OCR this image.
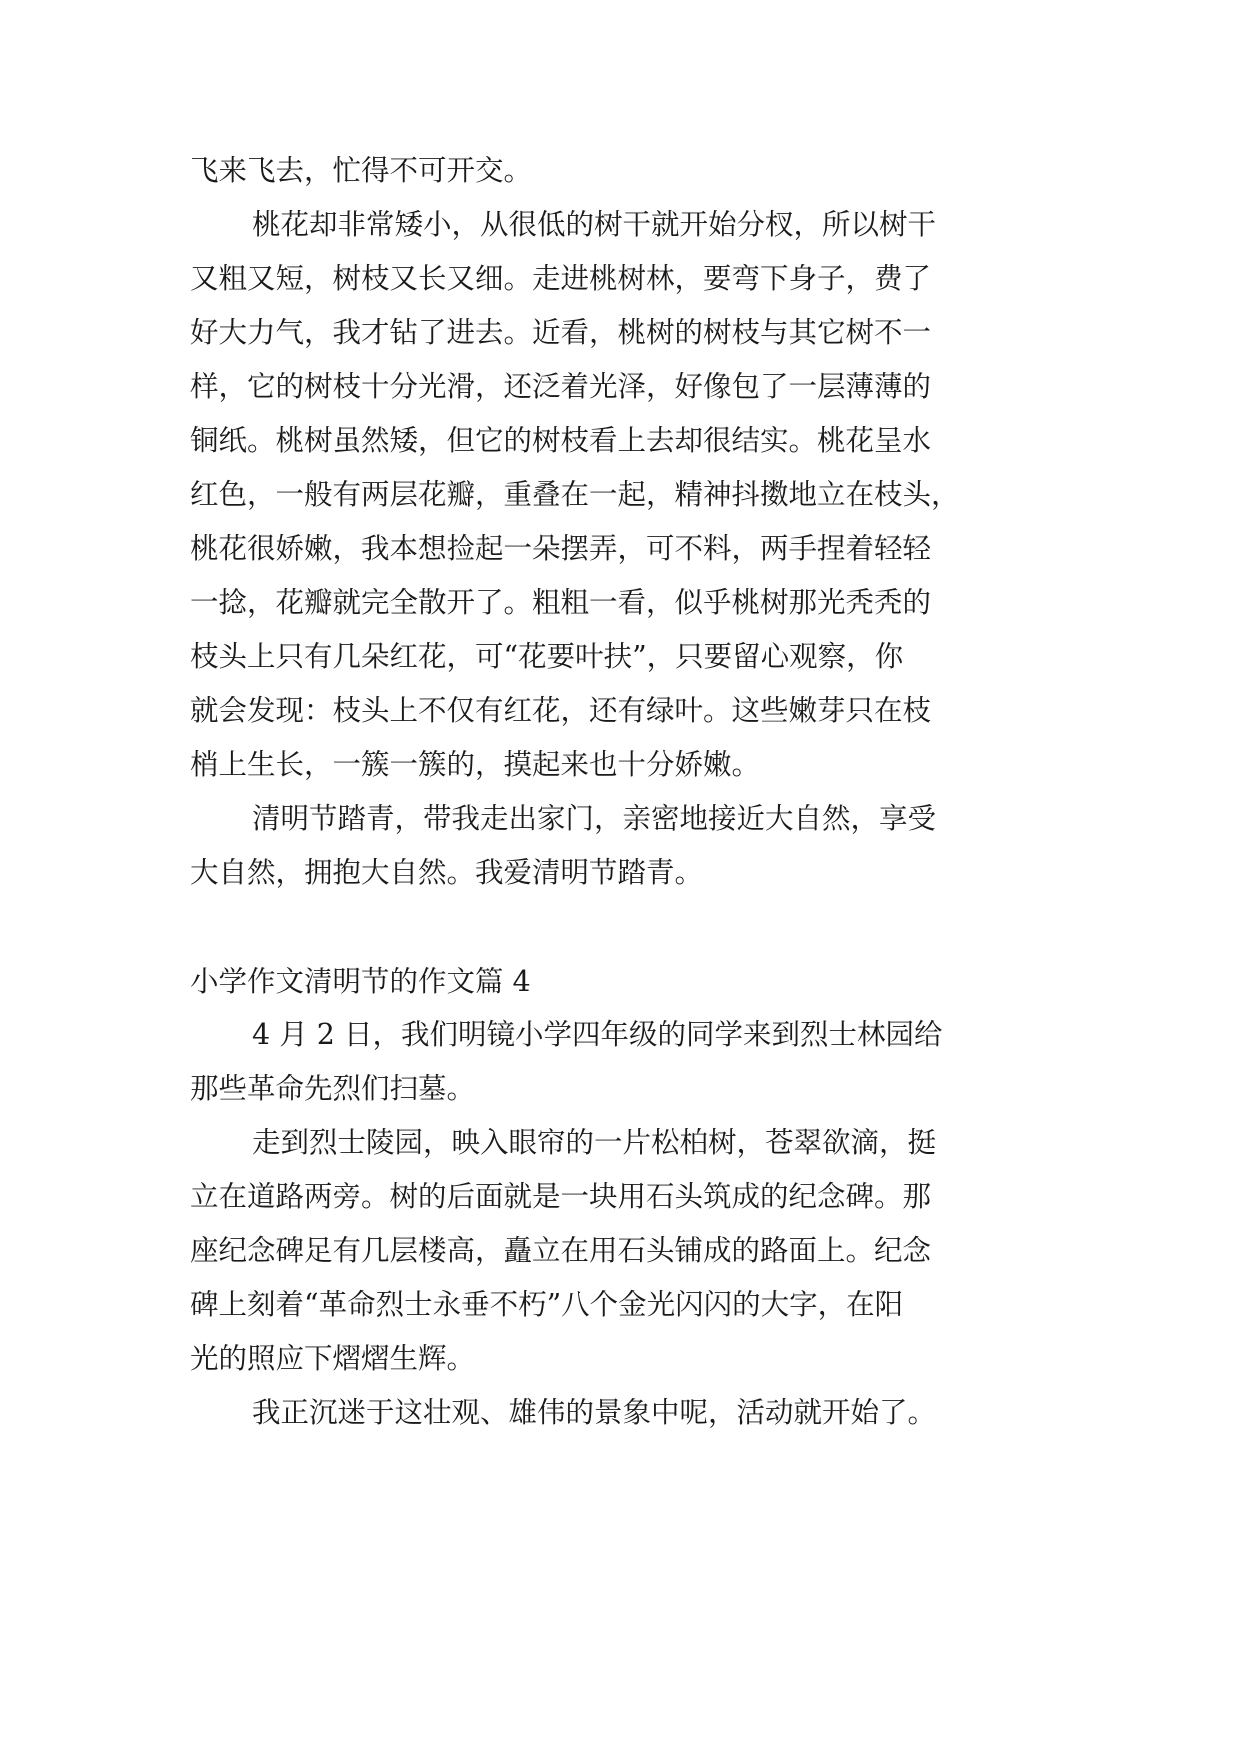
飞来飞去，忙得不可开交。
桃花却非常矮小，从很低的树干就开始分杈，所以树干
又粗又短，树枝又长又细。走进桃树林，要弯下身子，费了
好大力气，我才钻了进去。近看，桃树的树枝与其它树不一
样，它的树枝十分光滑，还泛着光泽，好像包了一层薄薄的
铜纸。桃树虽然矮，但它的树枝看上去却很结实。桃花呈水
红色，一般有两层花瓣，重叠在一起，精神抖擞地立在枝头，
桃花很娇嫩，我本想捡起一朵摆弄，可不料，两手捏着轻轻
一捻，花瓣就完全散开了。粗粗一看，似乎桃树那光秃秃的
枝头上只有几朵红花，可“花要叶扶”，只要留心观察，你
就会发现：枝头上不仅有红花，还有绿叶。这些嫩芽只在枝
梢上生长，一簇一簇的，摸起来也十分娇嫩。
清明节踏青，带我走出家门，亲密地接近大自然，享受
大自然，拥抱大自然。我爱清明节踏青。
小学作文清明节的作文篇 4
4 月 2 日，我们明镜小学四年级的同学来到烈士林园给
那些革命先烈们扫墓。
走到烈士陵园，映入眼帘的一片松柏树，苍翠欲滴，挺
立在道路两旁。树的后面就是一块用石头筑成的纪念碑。那
座纪念碑足有几层楼高，矗立在用石头铺成的路面上。纪念
碑上刻着“革命烈士永垂不朽”八个金光闪闪的大字，在阳
光的照应下熠熠生辉。
我正沉迷于这壮观、雄伟的景象中呢，活动就开始了。
